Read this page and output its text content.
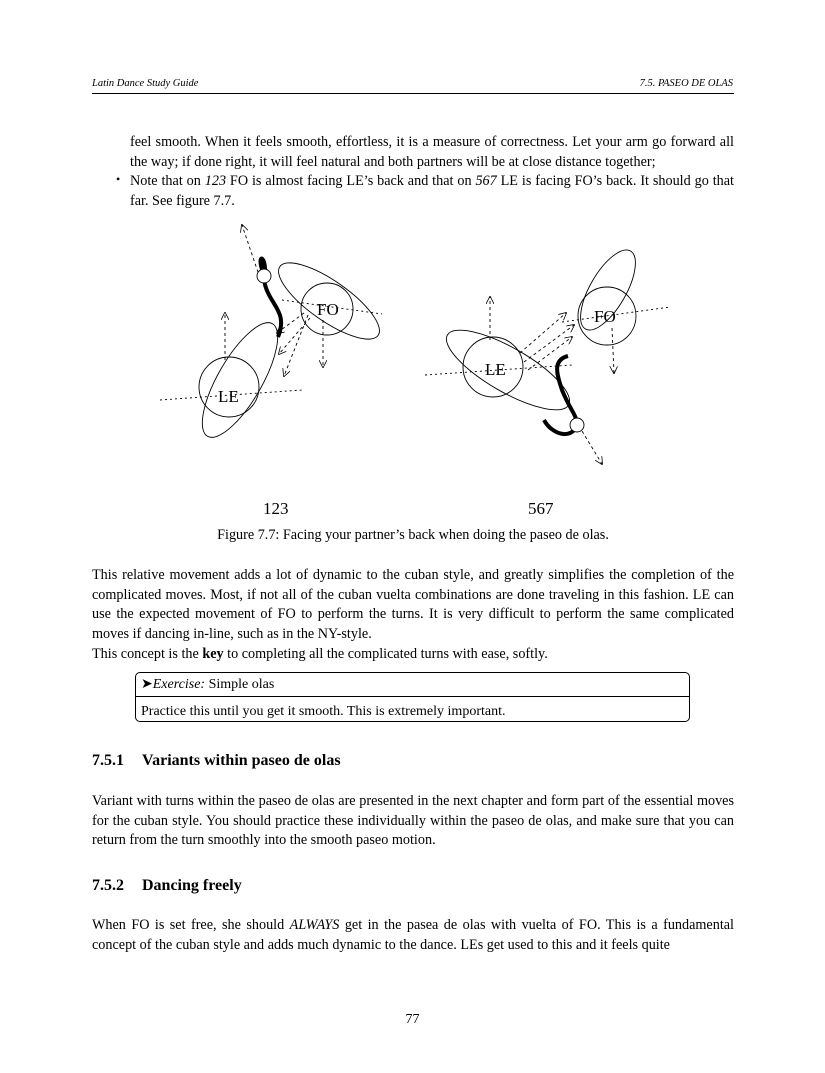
Latin Dance Study Guide	7.5. PASEO DE OLAS
feel smooth. When it feels smooth, effortless, it is a measure of correctness. Let your arm go forward all the way; if done right, it will feel natural and both partners will be at close distance together;
• Note that on 123 FO is almost facing LE’s back and that on 567 LE is facing FO’s back. It should go that far. See figure 7.7.
LE
FO
123
LE
FO
567
Figure 7.7: Facing your partner’s back when doing the paseo de olas.
This relative movement adds a lot of dynamic to the cuban style, and greatly simplifies the completion of the complicated moves. Most, if not all of the cuban vuelta combinations are done traveling in this fashion. LE can use the expected movement of FO to perform the turns. It is very difficult to perform the same complicated moves if dancing in-line, such as in the NY-style.
This concept is the key to completing all the complicated turns with ease, softly.
➤Exercise: Simple olas
Practice this until you get it smooth. This is extremely important.
7.5.1 Variants within paseo de olas
Variant with turns within the paseo de olas are presented in the next chapter and form part of the essential moves for the cuban style. You should practice these individually within the paseo de olas, and make sure that you can return from the turn smoothly into the smooth paseo motion.
7.5.2 Dancing freely
When FO is set free, she should ALWAYS get in the pasea de olas with vuelta of FO. This is a fundamental concept of the cuban style and adds much dynamic to the dance. LEs get used to this and it feels quite
77
